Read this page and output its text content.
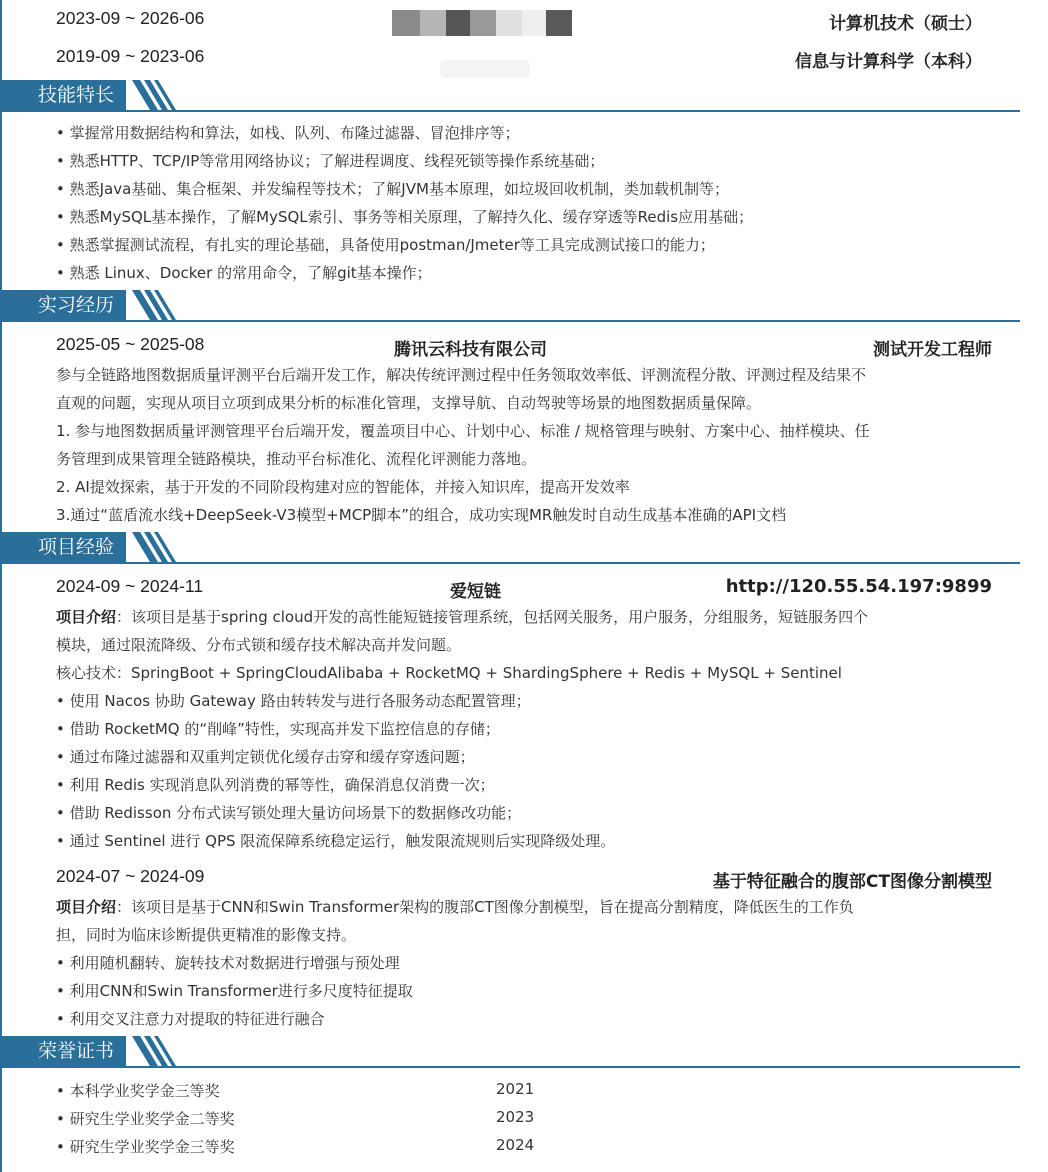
2023-09 ~ 2026-06	计算机技术（硕士）
2019-09 ~ 2023-06	信息与计算科学（本科）
技能特长
• 掌握常用数据结构和算法，如栈、队列、布隆过滤器、冒泡排序等；
• 熟悉HTTP、TCP/IP等常用网络协议；了解进程调度、线程死锁等操作系统基础；
• 熟悉Java基础、集合框架、并发编程等技术；了解JVM基本原理，如垃圾回收机制，类加载机制等；
• 熟悉MySQL基本操作，了解MySQL索引、事务等相关原理，了解持久化、缓存穿透等Redis应用基础；
• 熟悉掌握测试流程，有扎实的理论基础，具备使用postman/Jmeter等工具完成测试接口的能力；
• 熟悉 Linux、Docker 的常用命令，了解git基本操作；
实习经历
2025-05 ~ 2025-08	腾讯云科技有限公司	测试开发工程师
参与全链路地图数据质量评测平台后端开发工作，解决传统评测过程中任务领取效率低、评测流程分散、评测过程及结果不
直观的问题，实现从项目立项到成果分析的标准化管理，支撑导航、自动驾驶等场景的地图数据质量保障。
1. 参与地图数据质量评测管理平台后端开发，覆盖项目中心、计划中心、标准 / 规格管理与映射、方案中心、抽样模块、任
务管理到成果管理全链路模块，推动平台标准化、流程化评测能力落地。
2. AI提效探索，基于开发的不同阶段构建对应的智能体，并接入知识库，提高开发效率
3.通过“蓝盾流水线+DeepSeek-V3模型+MCP脚本”的组合，成功实现MR触发时自动生成基本准确的API文档
项目经验
2024-09 ~ 2024-11	爱短链	http://120.55.54.197:9899
项目介绍：该项目是基于spring cloud开发的高性能短链接管理系统，包括网关服务，用户服务，分组服务，短链服务四个
模块，通过限流降级、分布式锁和缓存技术解决高并发问题。
核心技术：SpringBoot + SpringCloudAlibaba + RocketMQ + ShardingSphere + Redis + MySQL + Sentinel
• 使用 Nacos 协助 Gateway 路由转转发与进行各服务动态配置管理；
• 借助 RocketMQ 的“削峰”特性，实现高并发下监控信息的存储；
• 通过布隆过滤器和双重判定锁优化缓存击穿和缓存穿透问题；
• 利用 Redis 实现消息队列消费的幂等性，确保消息仅消费一次；
• 借助 Redisson 分布式读写锁处理大量访问场景下的数据修改功能；
• 通过 Sentinel 进行 QPS 限流保障系统稳定运行，触发限流规则后实现降级处理。
2024-07 ~ 2024-09	基于特征融合的腹部CT图像分割模型
项目介绍：该项目是基于CNN和Swin Transformer架构的腹部CT图像分割模型，旨在提高分割精度，降低医生的工作负
担，同时为临床诊断提供更精准的影像支持。
• 利用随机翻转、旋转技术对数据进行增强与预处理
• 利用CNN和Swin Transformer进行多尺度特征提取
• 利用交叉注意力对提取的特征进行融合
荣誉证书
• 本科学业奖学金三等奖	2021
• 研究生学业奖学金二等奖	2023
• 研究生学业奖学金三等奖	2024
